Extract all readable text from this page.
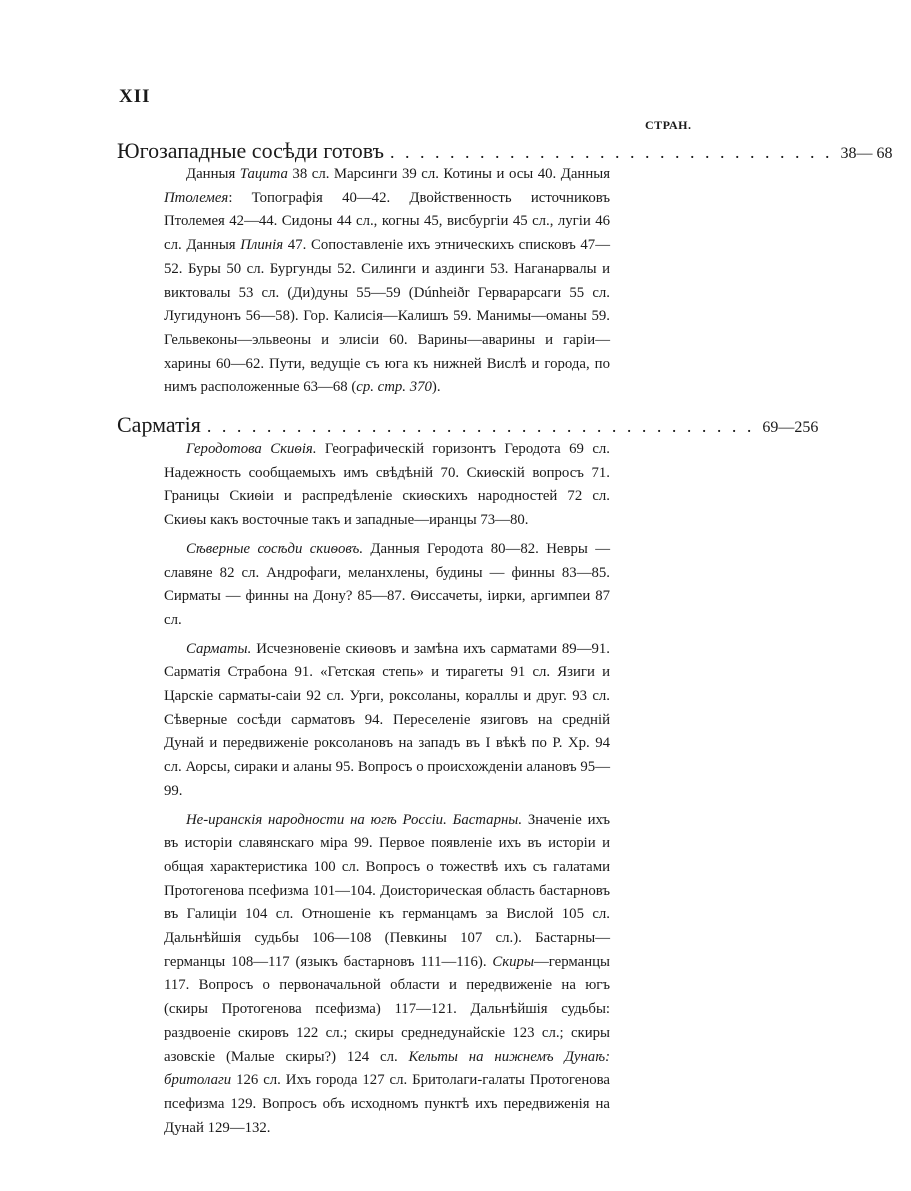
XII
СТРАН.
Югозападные сосѣди готовъ . . . . . . . . . . . . . . . . . . . . . . . . . . . . . . 38— 68

Данныя Тацита 38 сл. Марсинги 39 сл. Котины и осы 40. Данныя Птолемея: Топографія 40—42. Двойственность источниковъ Птолемея 42—44. Сидоны 44 сл., когны 45, висбургіи 45 сл., лугіи 46 сл. Данныя Плинія 47. Сопоставленіе ихъ этническихъ списковъ 47—52. Буры 50 сл. Бургунды 52. Силинги и аздинги 53. Наганарвалы и виктовалы 53 сл. (Ди)дуны 55—59 (Dúnheiðr Герварарсаги 55 сл. Лугидунонъ 56—58). Гор. Калисія—Калишъ 59. Манимы—оманы 59. Гельвеконы—эльвеоны и элисіи 60. Варины—аварины и гаріи—харины 60—62. Пути, ведущіе съ юга къ нижней Вислѣ и города, по нимъ расположенные 63—68 (ср. стр. 370).

Сарматія . . . . . . . . . . . . . . . . . . . . . . . . . . . . . . . . . . . . . 69—256

Геродотова Скиѳія. Географическій горизонтъ Геродота 69 сл. Надежность сообщаемыхъ имъ свѣдѣній 70. Скиѳскій вопросъ 71. Границы Скиѳіи и распредѣленіе скиѳскихъ народностей 72 сл. Скиѳы какъ восточные такъ и западные—иранцы 73—80.

Сѣверные сосѣди скиѳовъ. Данныя Геродота 80—82. Невры — славяне 82 сл. Андрофаги, меланхлены, будины — финны 83—85. Сирматы — финны на Дону? 85—87. Ѳиссачеты, іирки, аргимпеи 87 сл.

Сарматы. Исчезновеніе скиѳовъ и замѣна ихъ сарматами 89—91. Сарматія Страбона 91. «Гетская степь» и тирагеты 91 сл. Язиги и Царскіе сарматы-саіи 92 сл. Урги, роксоланы, кораллы и друг. 93 сл. Сѣверные сосѣди сарматовъ 94. Переселеніе язиговъ на средній Дунай и передвиженіе роксолановъ на западъ въ I вѣкѣ по Р. Хр. 94 сл. Аорсы, сираки и аланы 95. Вопросъ о происхожденіи алановъ 95—99.

Не-иранскія народности на югѣ Россіи. Бастарны. Значеніе ихъ въ исторіи славянскаго міра 99. Первое появленіе ихъ въ исторіи и общая характеристика 100 сл. Вопросъ о тожествѣ ихъ съ галатами Протогенова псефизма 101—104. Доисторическая область бастарновъ въ Галиціи 104 сл. Отношеніе къ германцамъ за Вислой 105 сл. Дальнѣйшія судьбы 106—108 (Певкины 107 сл.). Бастарны—германцы 108—117 (языкъ бастарновъ 111—116). Скиры—германцы 117. Вопросъ о первоначальной области и передвиженіе на югъ (скиры Протогенова псефизма) 117—121. Дальнѣйшія судьбы: раздвоеніе скировъ 122 сл.; скиры среднедунайскіе 123 сл.; скиры азовскіе (Малые скиры?) 124 сл. Кельты на нижнемъ Дунаѣ: бритолаги 126 сл. Ихъ города 127 сл. Бритолаги-галаты Протогенова псефизма 129. Вопросъ объ исходномъ пунктѣ ихъ передвиженія на Дунай 129—132.
